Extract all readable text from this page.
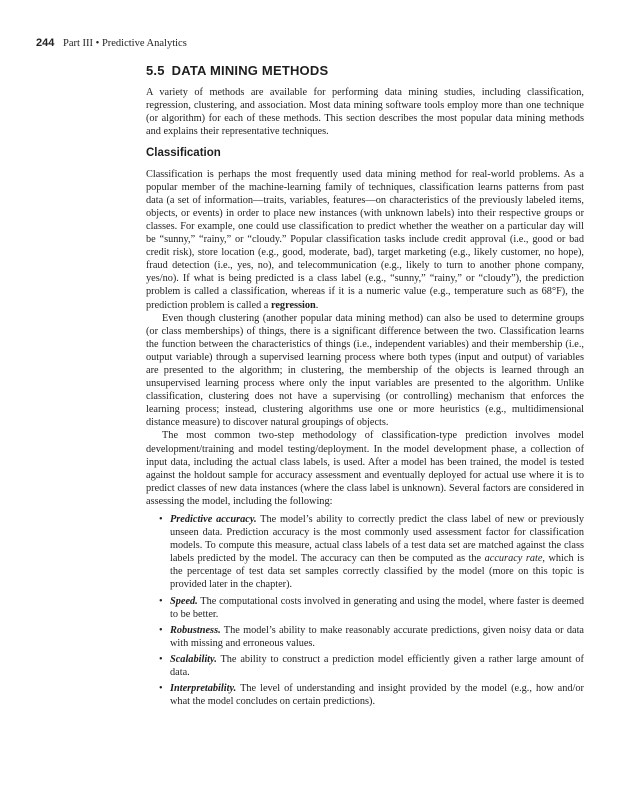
244 Part III • Predictive Analytics
5.5 DATA MINING METHODS

A variety of methods are available for performing data mining studies, including classification, regression, clustering, and association. Most data mining software tools employ more than one technique (or algorithm) for each of these methods. This section describes the most popular data mining methods and explains their representative techniques.

Classification

Classification is perhaps the most frequently used data mining method for real-world problems. As a popular member of the machine-learning family of techniques, classification learns patterns from past data (a set of information—traits, variables, features—on characteristics of the previously labeled items, objects, or events) in order to place new instances (with unknown labels) into their respective groups or classes. For example, one could use classification to predict whether the weather on a particular day will be “sunny,” “rainy,” or “cloudy.” Popular classification tasks include credit approval (i.e., good or bad credit risk), store location (e.g., good, moderate, bad), target marketing (e.g., likely customer, no hope), fraud detection (i.e., yes, no), and telecommunication (e.g., likely to turn to another phone company, yes/no). If what is being predicted is a class label (e.g., “sunny,” “rainy,” or “cloudy”), the prediction problem is called a classification, whereas if it is a numeric value (e.g., temperature such as 68°F), the prediction problem is called a regression.

Even though clustering (another popular data mining method) can also be used to determine groups (or class memberships) of things, there is a significant difference between the two. Classification learns the function between the characteristics of things (i.e., independent variables) and their membership (i.e., output variable) through a supervised learning process where both types (input and output) of variables are presented to the algorithm; in clustering, the membership of the objects is learned through an unsupervised learning process where only the input variables are presented to the algorithm. Unlike classification, clustering does not have a supervising (or controlling) mechanism that enforces the learning process; instead, clustering algorithms use one or more heuristics (e.g., multidimensional distance measure) to discover natural groupings of objects.

The most common two-step methodology of classification-type prediction involves model development/training and model testing/deployment. In the model development phase, a collection of input data, including the actual class labels, is used. After a model has been trained, the model is tested against the holdout sample for accuracy assessment and eventually deployed for actual use where it is to predict classes of new data instances (where the class label is unknown). Several factors are considered in assessing the model, including the following:

• Predictive accuracy. The model’s ability to correctly predict the class label of new or previously unseen data. Prediction accuracy is the most commonly used assessment factor for classification models. To compute this measure, actual class labels of a test data set are matched against the class labels predicted by the model. The accuracy can then be computed as the accuracy rate, which is the percentage of test data set samples correctly classified by the model (more on this topic is provided later in the chapter).
• Speed. The computational costs involved in generating and using the model, where faster is deemed to be better.
• Robustness. The model’s ability to make reasonably accurate predictions, given noisy data or data with missing and erroneous values.
• Scalability. The ability to construct a prediction model efficiently given a rather large amount of data.
• Interpretability. The level of understanding and insight provided by the model (e.g., how and/or what the model concludes on certain predictions).
